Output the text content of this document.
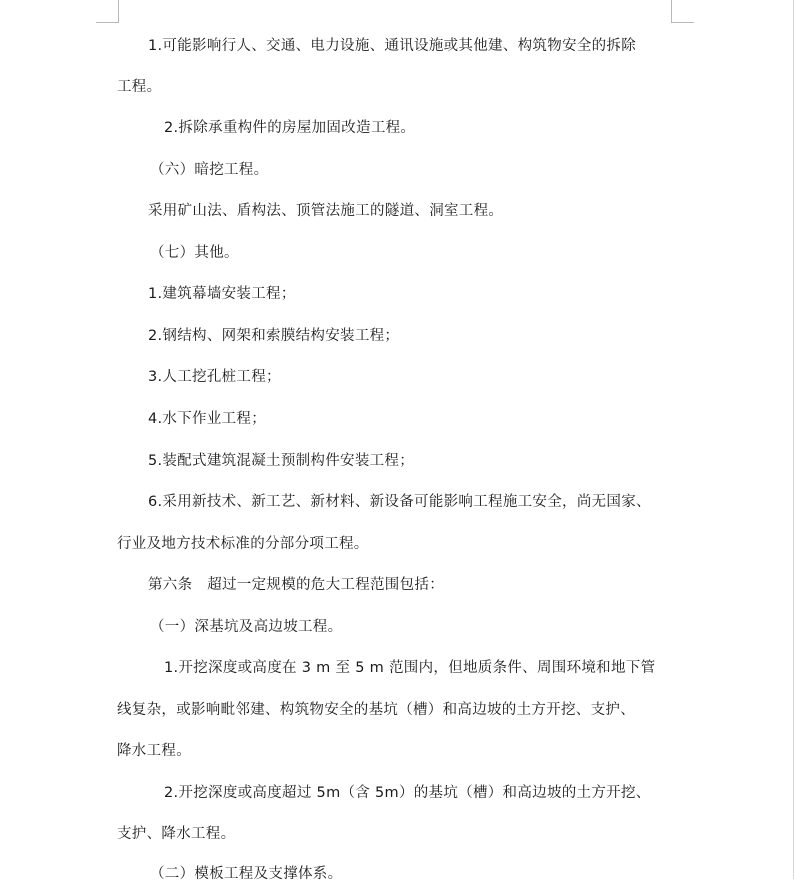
1.可能影响行人、交通、电力设施、通讯设施或其他建、构筑物安全的拆除
工程。
2.拆除承重构件的房屋加固改造工程。
（六）暗挖工程。
采用矿山法、盾构法、顶管法施工的隧道、洞室工程。
（七）其他。
1.建筑幕墙安装工程；
2.钢结构、网架和索膜结构安装工程；
3.人工挖孔桩工程；
4.水下作业工程；
5.装配式建筑混凝土预制构件安装工程；
6.采用新技术、新工艺、新材料、新设备可能影响工程施工安全，尚无国家、
行业及地方技术标准的分部分项工程。
第六条　超过一定规模的危大工程范围包括：
（一）深基坑及高边坡工程。
1.开挖深度或高度在 3 m 至 5 m 范围内，但地质条件、周围环境和地下管
线复杂，或影响毗邻建、构筑物安全的基坑（槽）和高边坡的土方开挖、支护、
降水工程。
2.开挖深度或高度超过 5m（含 5m）的基坑（槽）和高边坡的土方开挖、
支护、降水工程。
（二）模板工程及支撑体系。
